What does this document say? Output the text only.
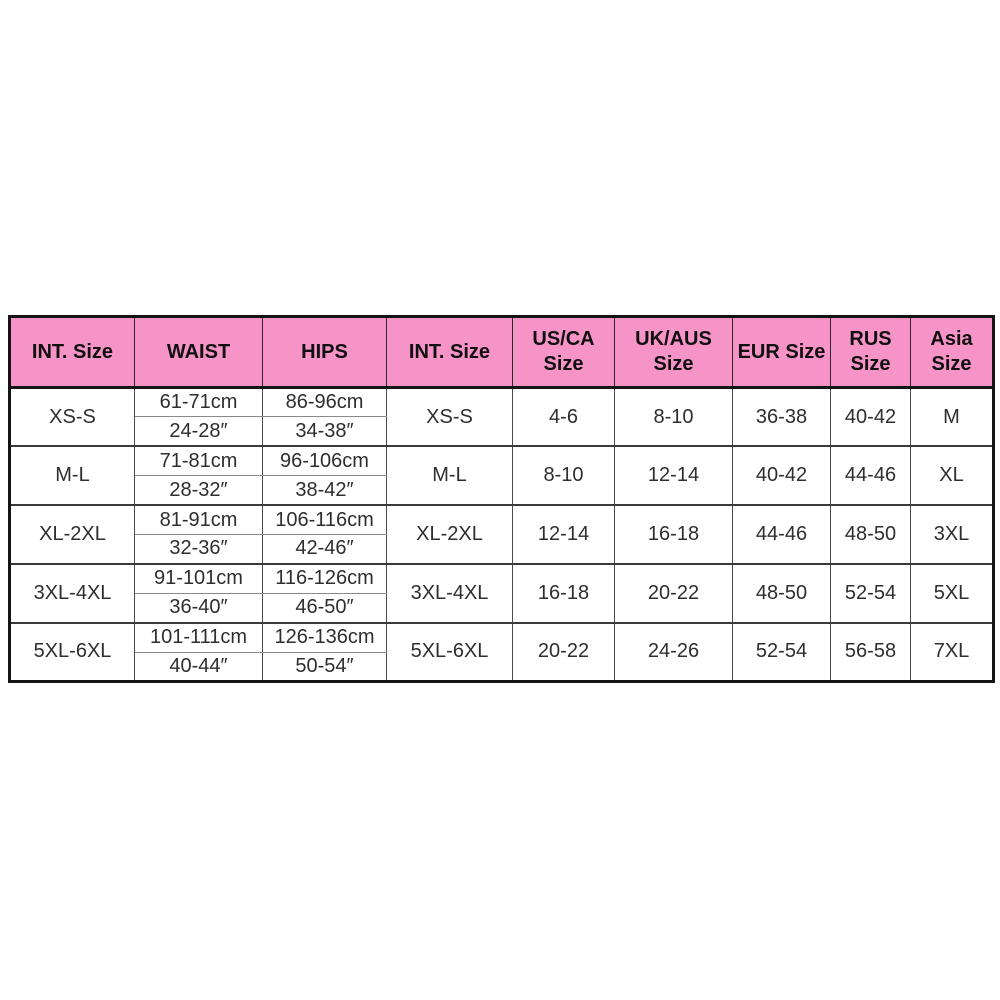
INT. Size	WAIST	HIPS	INT. Size	US/CA Size	UK/AUS Size	EUR Size	RUS Size	Asia Size
XS-S	61-71cm	86-96cm	XS-S	4-6	8-10	36-38	40-42	M
	24-28″	34-38″						
M-L	71-81cm	96-106cm	M-L	8-10	12-14	40-42	44-46	XL
	28-32″	38-42″						
XL-2XL	81-91cm	106-116cm	XL-2XL	12-14	16-18	44-46	48-50	3XL
	32-36″	42-46″						
3XL-4XL	91-101cm	116-126cm	3XL-4XL	16-18	20-22	48-50	52-54	5XL
	36-40″	46-50″						
5XL-6XL	101-111cm	126-136cm	5XL-6XL	20-22	24-26	52-54	56-58	7XL
	40-44″	50-54″						
